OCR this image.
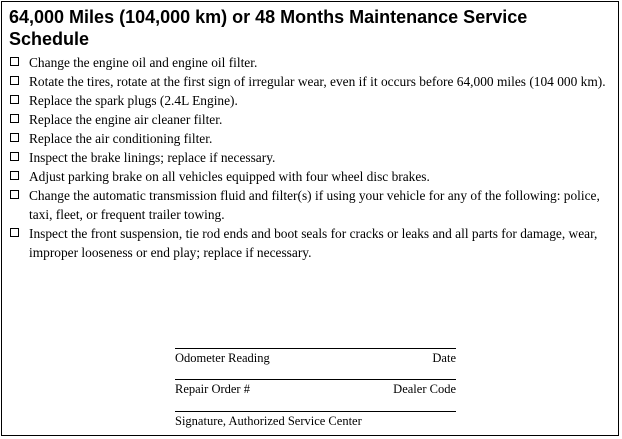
64,000 Miles (104,000 km) or 48 Months Maintenance Service Schedule
Change the engine oil and engine oil filter.
Rotate the tires, rotate at the first sign of irregular wear, even if it occurs before 64,000 miles (104 000 km).
Replace the spark plugs (2.4L Engine).
Replace the engine air cleaner filter.
Replace the air conditioning filter.
Inspect the brake linings; replace if necessary.
Adjust parking brake on all vehicles equipped with four wheel disc brakes.
Change the automatic transmission fluid and filter(s) if using your vehicle for any of the following: police, taxi, fleet, or frequent trailer towing.
Inspect the front suspension, tie rod ends and boot seals for cracks or leaks and all parts for damage, wear, improper looseness or end play; replace if necessary.
Odometer Reading	Date
Repair Order #	Dealer Code
Signature, Authorized Service Center
